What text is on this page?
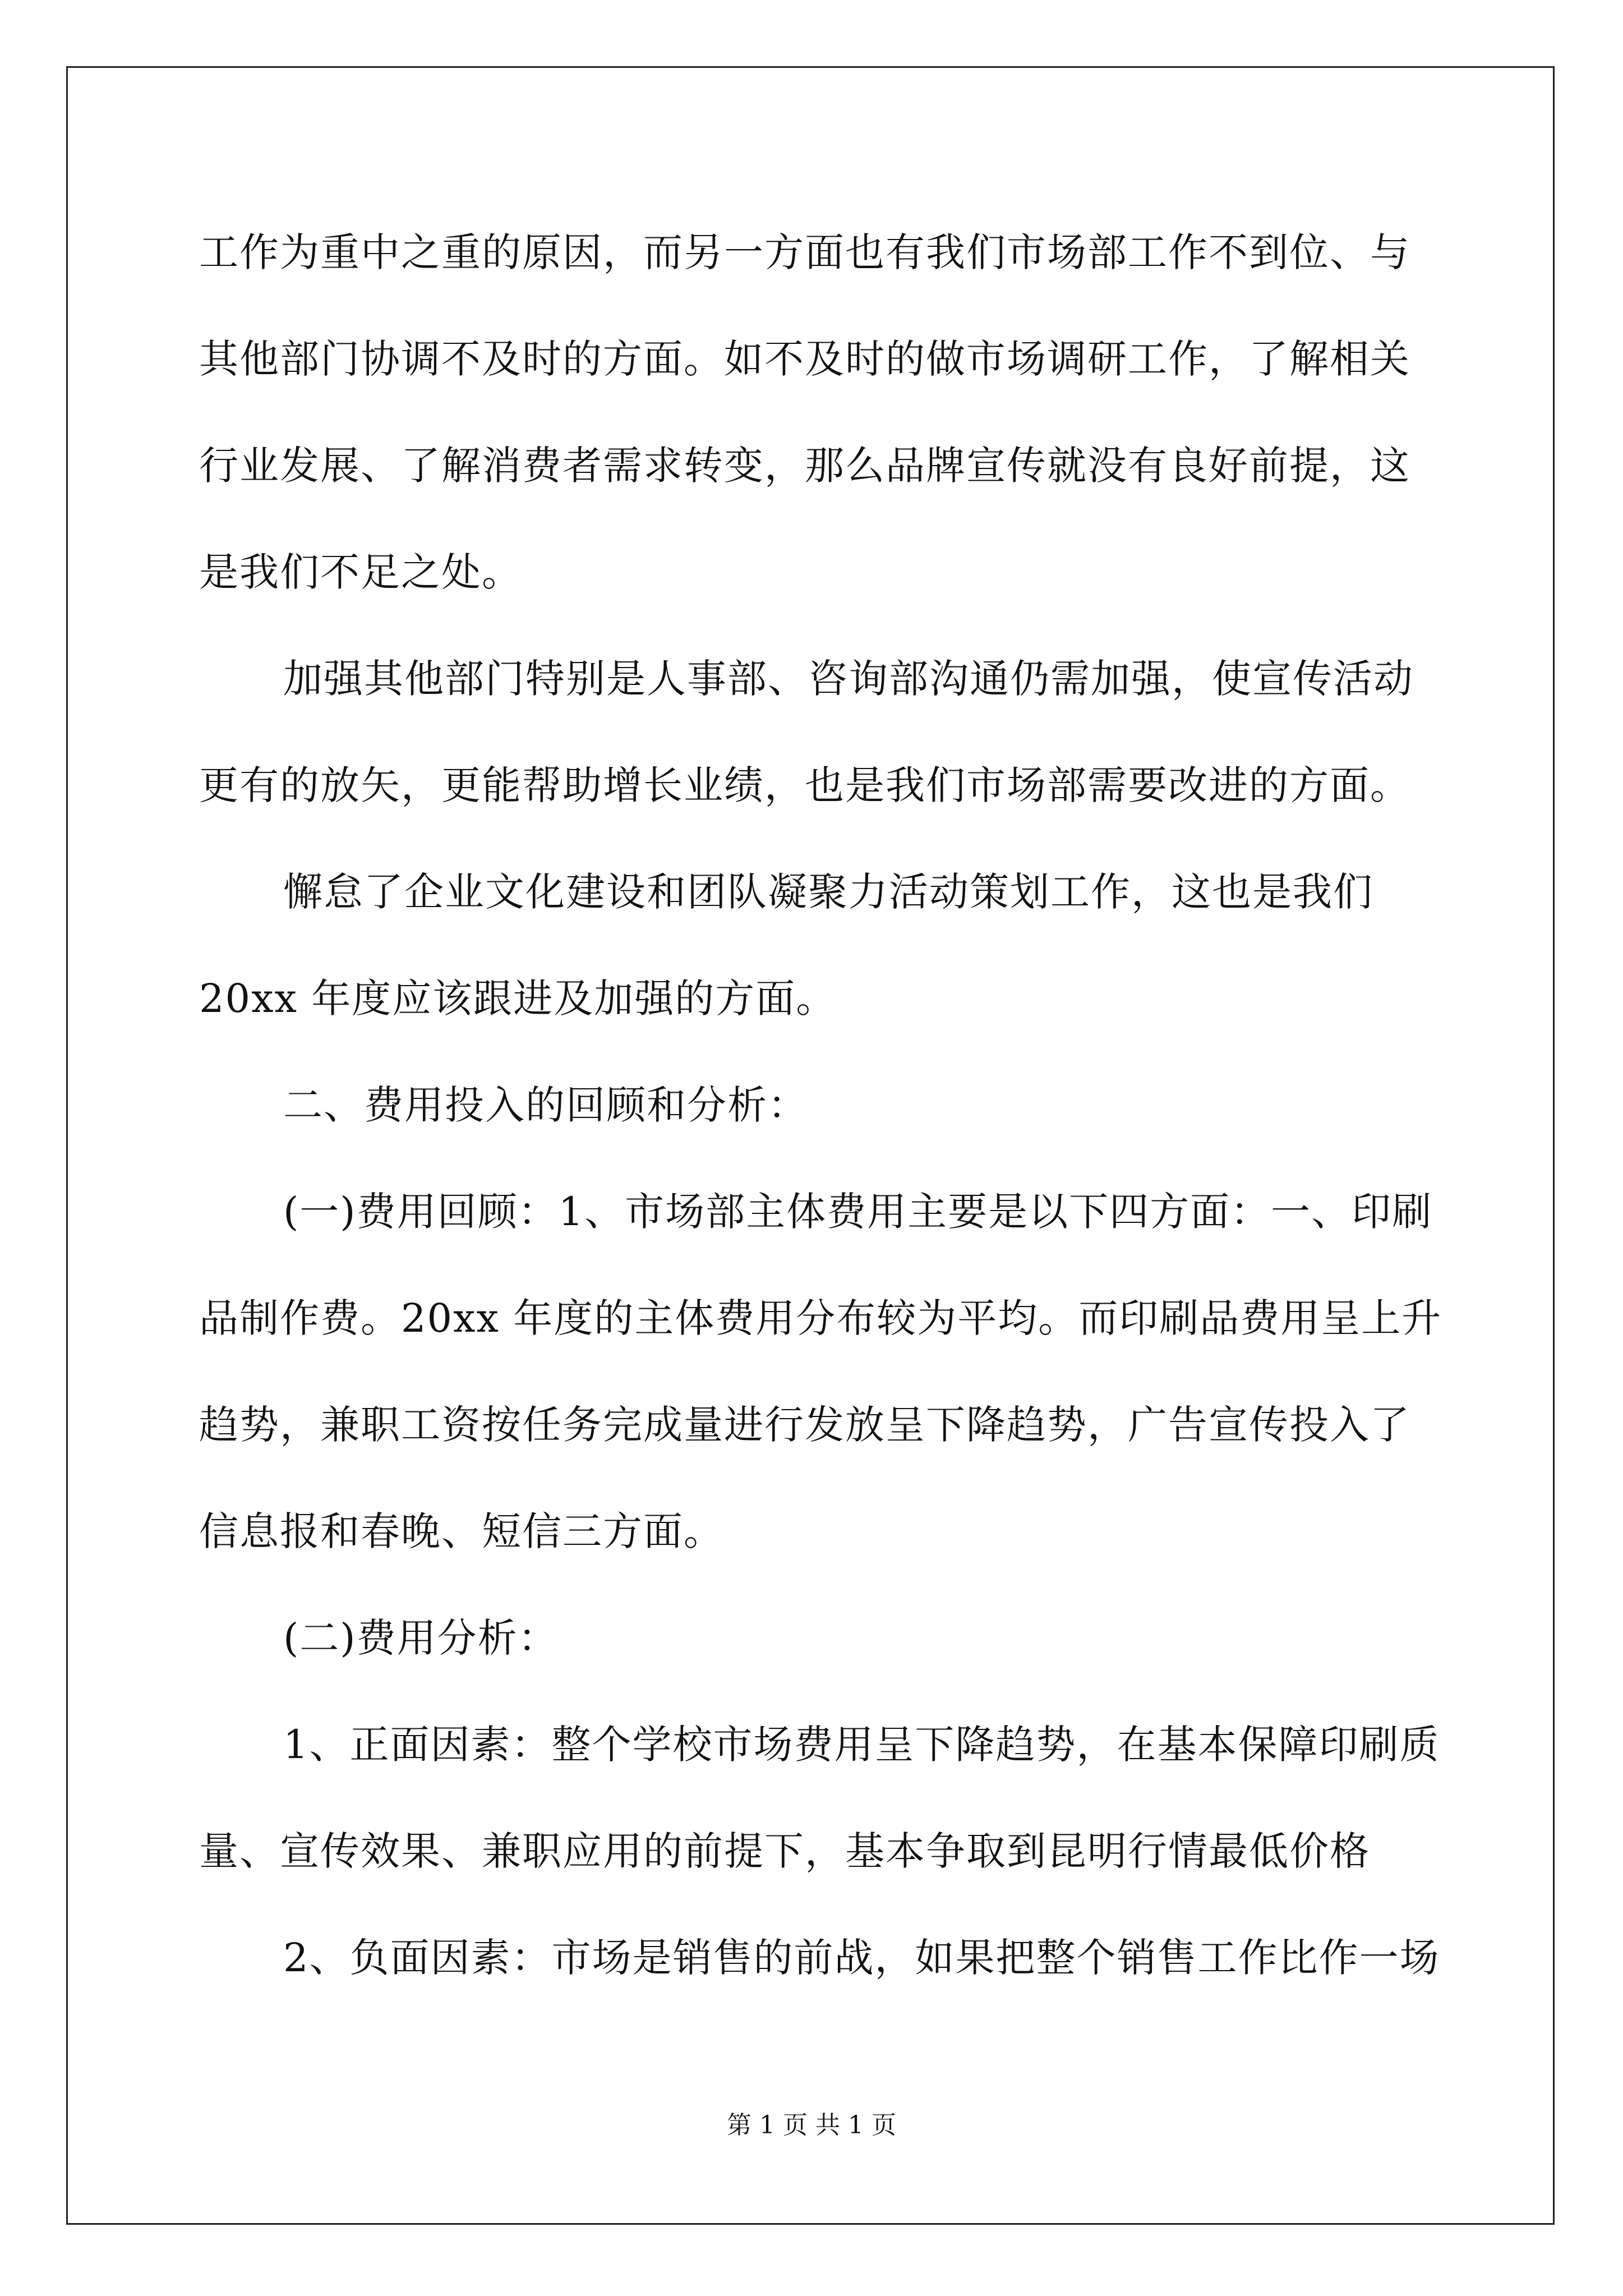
工作为重中之重的原因，而另一方面也有我们市场部工作不到位、与
其他部门协调不及时的方面。如不及时的做市场调研工作，了解相关
行业发展、了解消费者需求转变，那么品牌宣传就没有良好前提，这
是我们不足之处。
加强其他部门特别是人事部、咨询部沟通仍需加强，使宣传活动
更有的放矢，更能帮助增长业绩，也是我们市场部需要改进的方面。
懈怠了企业文化建设和团队凝聚力活动策划工作，这也是我们
20xx 年度应该跟进及加强的方面。
二、费用投入的回顾和分析：
(一)费用回顾：1、市场部主体费用主要是以下四方面：一、印刷
品制作费。20xx 年度的主体费用分布较为平均。而印刷品费用呈上升
趋势，兼职工资按任务完成量进行发放呈下降趋势，广告宣传投入了
信息报和春晚、短信三方面。
(二)费用分析：
1、正面因素：整个学校市场费用呈下降趋势，在基本保障印刷质
量、宣传效果、兼职应用的前提下，基本争取到昆明行情最低价格
2、负面因素：市场是销售的前战，如果把整个销售工作比作一场
第 1 页 共 1 页
